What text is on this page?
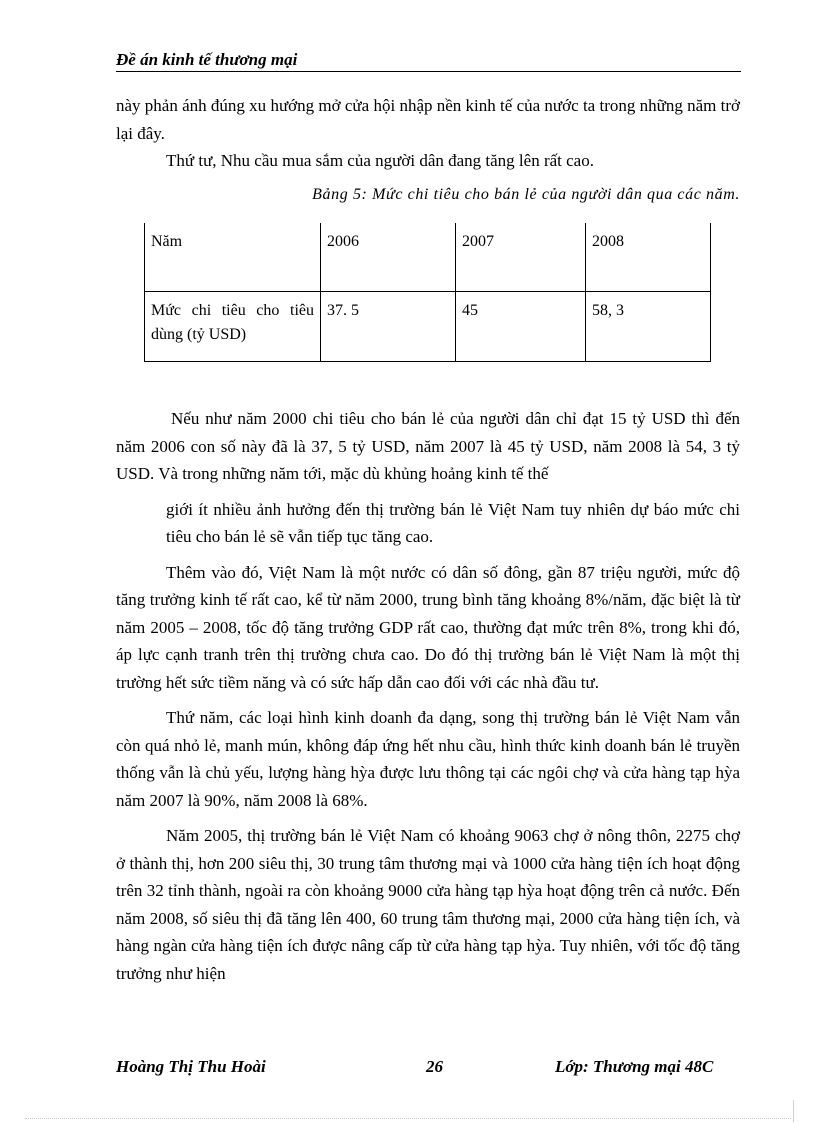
Đề án kinh tế thương mại

này phản ánh đúng xu hướng mở cửa hội nhập nền kinh tế của nước ta trong những năm trở lại đây.

Thứ tư, Nhu cầu mua sắm của người dân đang tăng lên rất cao.

Bảng 5: Mức chi tiêu cho bán lẻ của người dân qua các năm.
Năm	2006	2007	2008
Mức chi tiêu cho tiêu dùng (tỷ USD)	37. 5	45	58, 3

Nếu như năm 2000 chi tiêu cho bán lẻ của người dân chỉ đạt 15 tỷ USD thì đến năm 2006 con số này đã là 37, 5 tỷ USD, năm 2007 là 45 tỷ USD, năm 2008 là 54, 3 tỷ USD. Và trong những năm tới, mặc dù khủng hoảng kinh tế thế

giới ít nhiều ảnh hưởng đến thị trường bán lẻ Việt Nam tuy nhiên dự báo mức chi tiêu cho bán lẻ sẽ vẫn tiếp tục tăng cao.

Thêm vào đó, Việt Nam là một nước có dân số đông, gần 87 triệu người, mức độ tăng trưởng kinh tế rất cao, kể từ năm 2000, trung bình tăng khoảng 8%/năm, đặc biệt là từ năm 2005 – 2008, tốc độ tăng trưởng GDP rất cao, thường đạt mức trên 8%, trong khi đó, áp lực cạnh tranh trên thị trường chưa cao. Do đó thị trường bán lẻ Việt Nam là một thị trường hết sức tiềm năng và có sức hấp dẫn cao đối với các nhà đầu tư.

Thứ năm, các loại hình kinh doanh đa dạng, song thị trường bán lẻ Việt Nam vẫn còn quá nhỏ lẻ, manh mún, không đáp ứng hết nhu cầu, hình thức kinh doanh bán lẻ truyền thống vẫn là chủ yếu, lượng hàng hỳa được lưu thông tại các ngôi chợ và cửa hàng tạp hỳa năm 2007 là 90%, năm 2008 là 68%.

Năm 2005, thị trường bán lẻ Việt Nam có khoảng 9063 chợ ở nông thôn, 2275 chợ ở thành thị, hơn 200 siêu thị, 30 trung tâm thương mại và 1000 cửa hàng tiện ích hoạt động trên 32 tỉnh thành, ngoài ra còn khoảng 9000 cửa hàng tạp hỳa hoạt động trên cả nước. Đến năm 2008, số siêu thị đã tăng lên 400, 60 trung tâm thương mại, 2000 cửa hàng tiện ích, và hàng ngàn cửa hàng tiện ích được nâng cấp từ cửa hàng tạp hỳa. Tuy nhiên, với tốc độ tăng trưởng như hiện

Hoàng Thị Thu Hoài	26	Lớp: Thương mại 48C
